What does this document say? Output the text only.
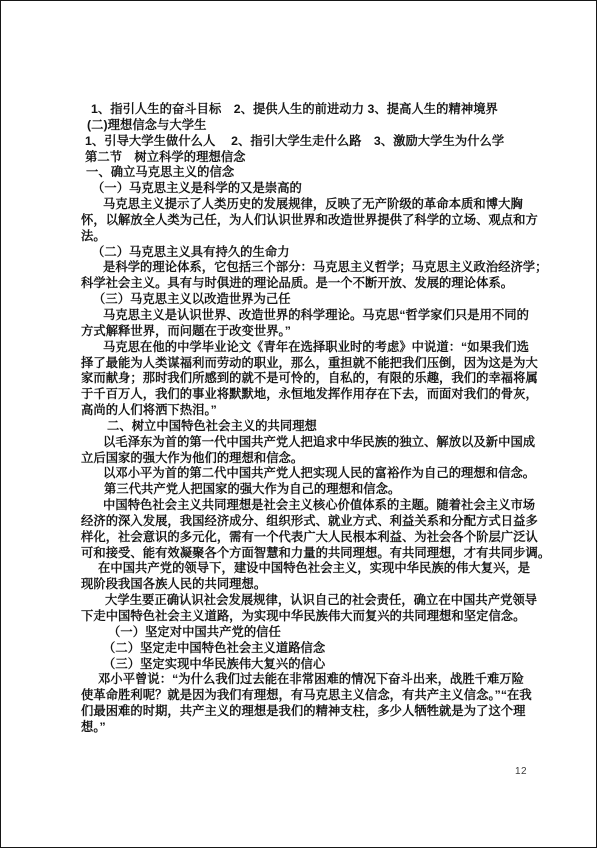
1、指引人生的奋斗目标　2、提供人生的前进动力 3、提高人生的精神境界
(二)理想信念与大学生
1、引导大学生做什么人　 2、指引大学生走什么路　3、激励大学生为什么学
第二节　树立科学的理想信念
一、确立马克思主义的信念
（一）马克思主义是科学的又是崇高的
马克思主义提示了人类历史的发展规律，反映了无产阶级的革命本质和博大胸
怀，以解放全人类为己任，为人们认识世界和改造世界提供了科学的立场、观点和方
法。
（二）马克思主义具有持久的生命力
是科学的理论体系，它包括三个部分：马克思主义哲学；马克思主义政治经济学；
科学社会主义。具有与时俱进的理论品质。是一个不断开放、发展的理论体系。
（三）马克思主义以改造世界为己任
马克思主义是认识世界、改造世界的科学理论。马克思“哲学家们只是用不同的
方式解释世界，而问题在于改变世界。”
马克思在他的中学毕业论文《青年在选择职业时的考虑》中说道：“如果我们选
择了最能为人类谋福利而劳动的职业，那么，重担就不能把我们压倒，因为这是为大
家而献身；那时我们所感到的就不是可怜的，自私的，有限的乐趣，我们的幸福将属
于千百万人，我们的事业将默默地，永恒地发挥作用存在下去，而面对我们的骨灰，
高尚的人们将洒下热泪。”
二、树立中国特色社会主义的共同理想
以毛泽东为首的第一代中国共产党人把追求中华民族的独立、解放以及新中国成
立后国家的强大作为他们的理想和信念。
以邓小平为首的第二代中国共产党人把实现人民的富裕作为自己的理想和信念。
第三代共产党人把国家的强大作为自己的理想和信念。
中国特色社会主义共同理想是社会主义核心价值体系的主题。随着社会主义市场
经济的深入发展，我国经济成分、组织形式、就业方式、利益关系和分配方式日益多
样化，社会意识的多元化，需有一个代表广大人民根本利益、为社会各个阶层广泛认
可和接受、能有效凝聚各个方面智慧和力量的共同理想。有共同理想，才有共同步调。
在中国共产党的领导下，建设中国特色社会主义，实现中华民族的伟大复兴，是
现阶段我国各族人民的共同理想。
大学生要正确认识社会发展规律，认识自己的社会责任，确立在中国共产党领导
下走中国特色社会主义道路，为实现中华民族伟大而复兴的共同理想和坚定信念。
（一）坚定对中国共产党的信任
（二）坚定走中国特色社会主义道路信念
（三）坚定实现中华民族伟大复兴的信心
邓小平曾说：“为什么我们过去能在非常困难的情况下奋斗出来，战胜千难万险
使革命胜利呢？就是因为我们有理想，有马克思主义信念，有共产主义信念。”“在我
们最困难的时期，共产主义的理想是我们的精神支柱，多少人牺牲就是为了这个理
想。”
12
